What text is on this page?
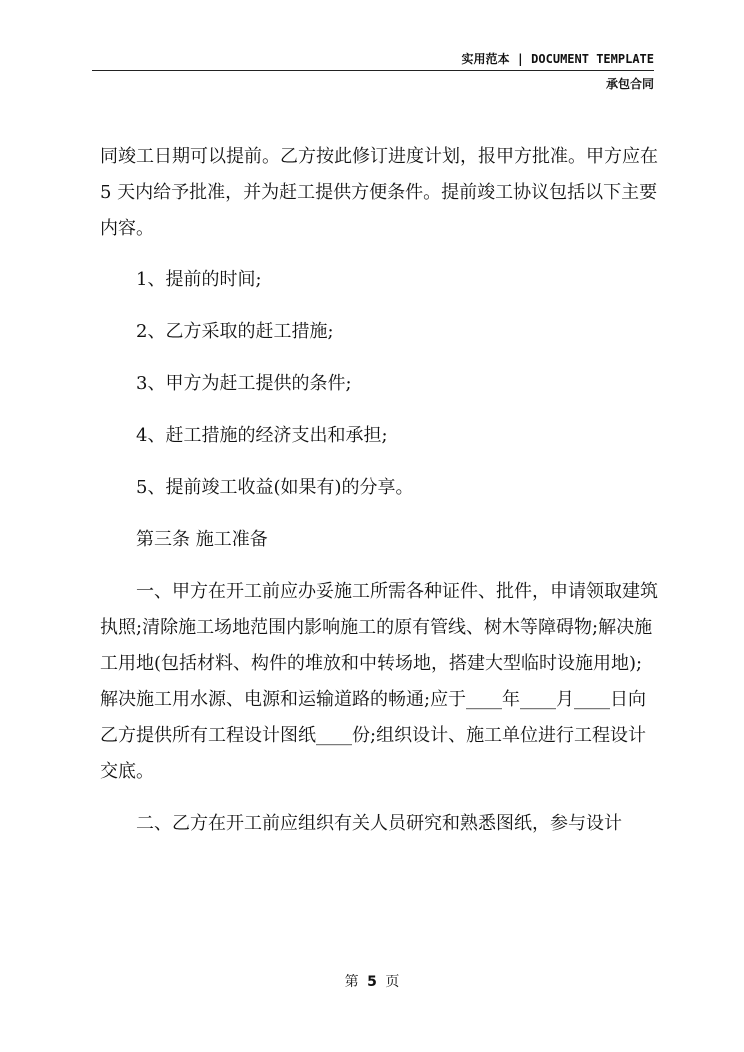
实用范本 | DOCUMENT TEMPLATE
承包合同

同竣工日期可以提前。乙方按此修订进度计划，报甲方批准。甲方应在 5 天内给予批准，并为赶工提供方便条件。提前竣工协议包括以下主要内容。

1、提前的时间;
2、乙方采取的赶工措施;
3、甲方为赶工提供的条件;
4、赶工措施的经济支出和承担;
5、提前竣工收益(如果有)的分享。
第三条 施工准备

一、甲方在开工前应办妥施工所需各种证件、批件，申请领取建筑执照;清除施工场地范围内影响施工的原有管线、树木等障碍物;解决施工用地(包括材料、构件的堆放和中转场地，搭建大型临时设施用地);解决施工用水源、电源和运输道路的畅通;应于____年____月____日向乙方提供所有工程设计图纸____份;组织设计、施工单位进行工程设计交底。

二、乙方在开工前应组织有关人员研究和熟悉图纸，参与设计

第 5 页
